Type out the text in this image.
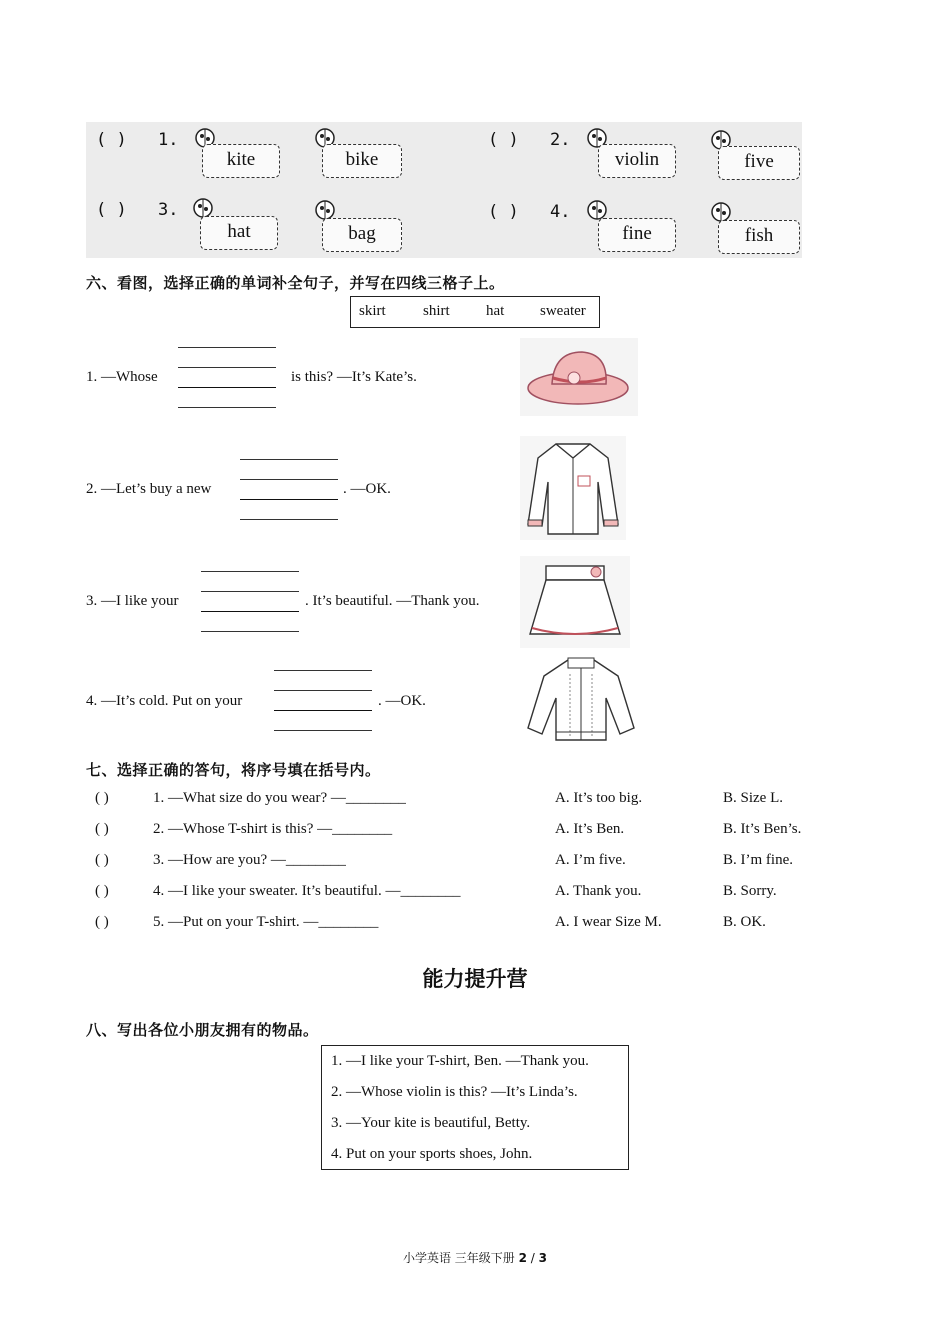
( ) 1.
kite	bike
( ) 2.
violin	five
( ) 3.
hat	bag
( ) 4.
fine	fish
六、看图，选择正确的单词补全句子，并写在四线三格子上。
skirt shirt hat sweater
1. —Whose	is this? —It’s Kate’s.
2. —Let’s buy a new	. —OK.
3. —I like your	. It’s beautiful. —Thank you.
4. —It’s cold. Put on your	. —OK.
七、选择正确的答句，将序号填在括号内。
( )	1. —What size do you wear? —________	A. It’s too big.	B. Size L.
( )	2. —Whose T-shirt is this? —________	A. It’s Ben.	B. It’s Ben’s.
( )	3. —How are you? —________	A. I’m five.	B. I’m fine.
( )	4. —I like your sweater. It’s beautiful. —________	A. Thank you.	B. Sorry.
( )	5. —Put on your T-shirt. —________	A. I wear Size M.	B. OK.
能力提升营
八、写出各位小朋友拥有的物品。
1. —I like your T-shirt, Ben. —Thank you.
2. —Whose violin is this? —It’s Linda’s.
3. —Your kite is beautiful, Betty.
4. Put on your sports shoes, John.
小学英语 三年级下册 2 / 3
